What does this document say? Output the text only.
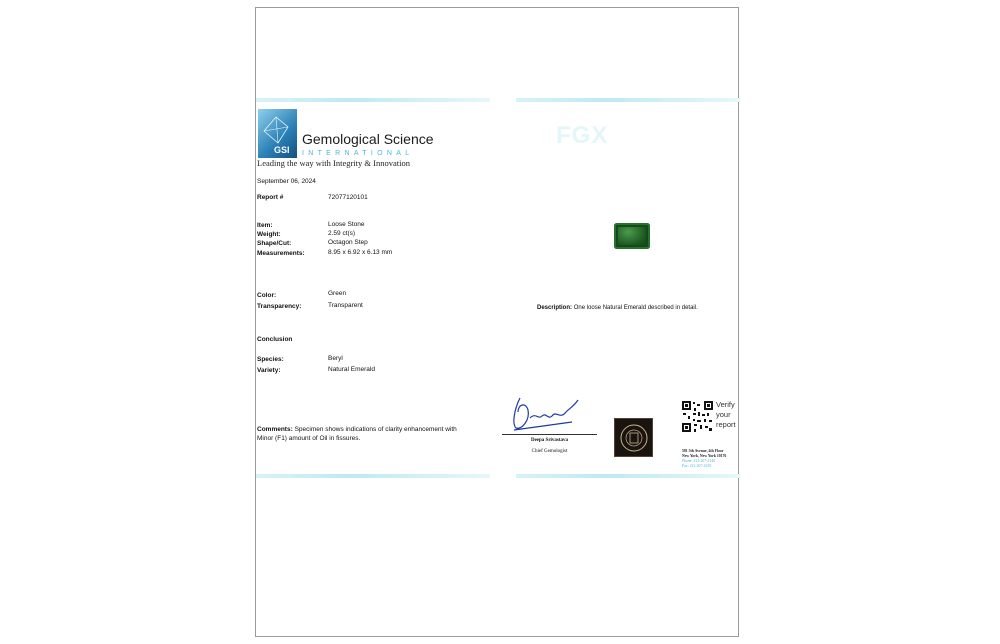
GSI
Gemological Science
INTERNATIONAL
Leading the way with Integrity & Innovation
FGX
September 06, 2024
Report #	72077120101
Item:	Loose Stone
Weight:	2.59 ct(s)
Shape/Cut:	Octagon Step
Measurements:	8.95 x 6.92 x 6.13 mm
Color:	Green
Transparency:	Transparent
Conclusion
Species:	Beryl
Variety:	Natural Emerald
Comments: Specimen shows indications of clarity enhancement with
Minor (F1) amount of Oil in fissures.
Description: One loose Natural Emerald described in detail.
Deepa Srivastava
Chief Gemologist
Verify your report
581 5th Avenue, 4th Floor
New York, New York 10176
Phone: 212-207-4140
Fax: 212-207-4150
